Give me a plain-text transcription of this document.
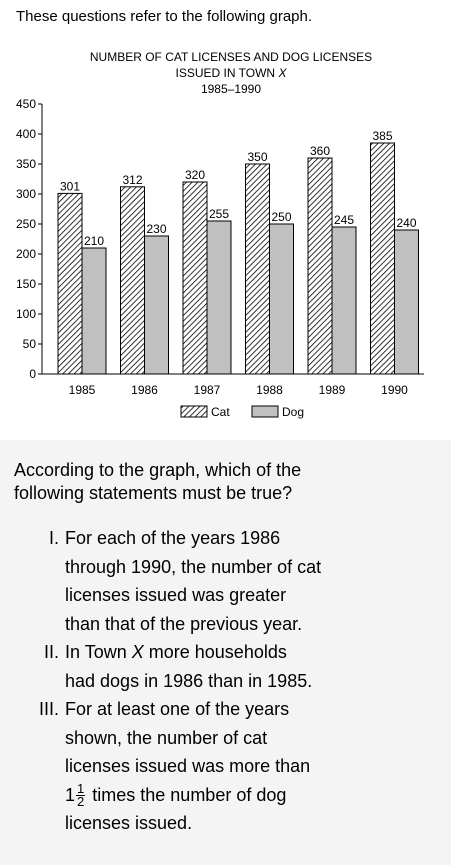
These questions refer to the following graph.
NUMBER OF CAT LICENSES AND DOG LICENSES
ISSUED IN TOWN X
1985–1990
0
50
100
150
200
250
300
350
400
450
301
210
1985
312
230
1986
320
255
1987
350
250
1988
360
245
1989
385
240
1990
Cat	Dog
According to the graph, which of the
following statements must be true?
I. For each of the years 1986
through 1990, the number of cat
licenses issued was greater
than that of the previous year.
II. In Town X more households
had dogs in 1986 than in 1985.
III. For at least one of the years
shown, the number of cat
licenses issued was more than
$1 \frac{1}{2}$ times the number of dog
licenses issued.
